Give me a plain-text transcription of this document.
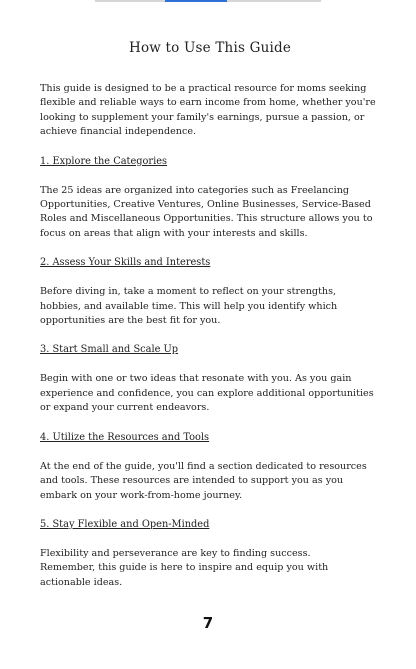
How to Use This Guide

This guide is designed to be a practical resource for moms seeking flexible and reliable ways to earn income from home, whether you're looking to supplement your family's earnings, pursue a passion, or achieve financial independence.

1. Explore the Categories

The 25 ideas are organized into categories such as Freelancing Opportunities, Creative Ventures, Online Businesses, Service-Based Roles and Miscellaneous Opportunities. This structure allows you to focus on areas that align with your interests and skills.

2. Assess Your Skills and Interests

Before diving in, take a moment to reflect on your strengths, hobbies, and available time. This will help you identify which opportunities are the best fit for you.

3. Start Small and Scale Up

Begin with one or two ideas that resonate with you. As you gain experience and confidence, you can explore additional opportunities or expand your current endeavors.

4. Utilize the Resources and Tools

At the end of the guide, you'll find a section dedicated to resources and tools. These resources are intended to support you as you embark on your work-from-home journey.

5. Stay Flexible and Open-Minded

Flexibility and perseverance are key to finding success.
Remember, this guide is here to inspire and equip you with actionable ideas.

7
